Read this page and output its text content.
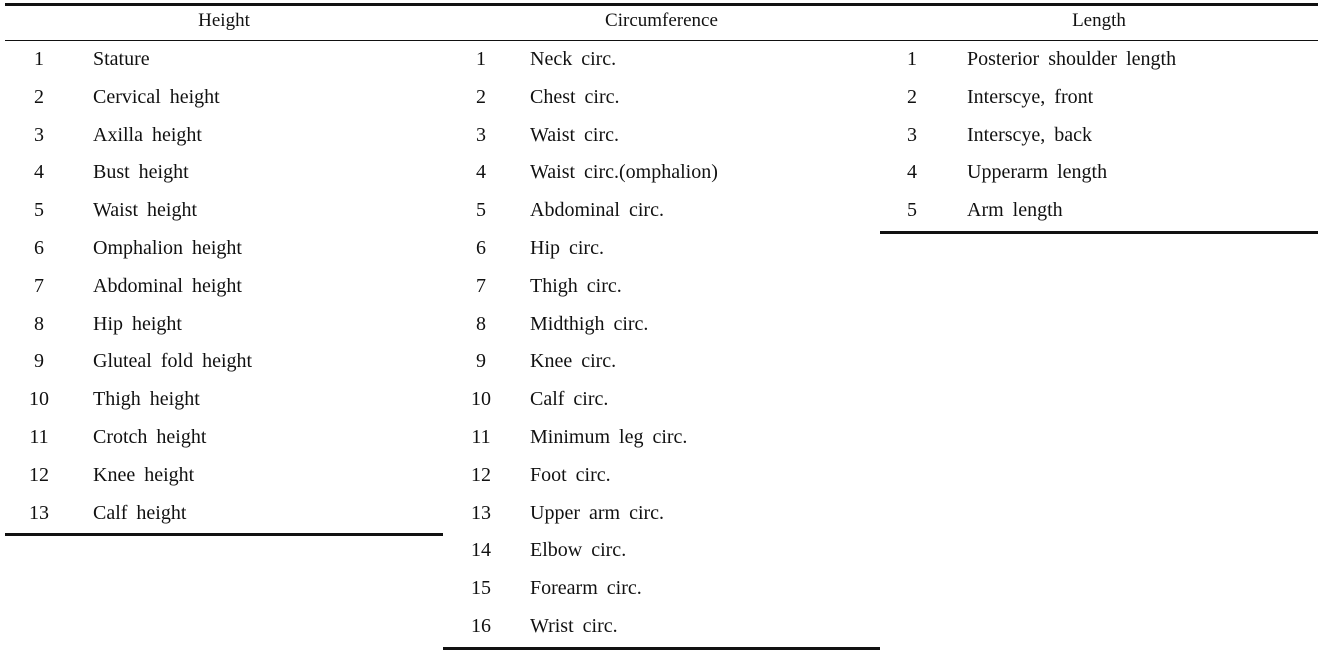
Height
1	Stature
2	Cervical height
3	Axilla height
4	Bust height
5	Waist height
6	Omphalion height
7	Abdominal height
8	Hip height
9	Gluteal fold height
10	Thigh height
11	Crotch height
12	Knee height
13	Calf height
Circumference
1	Neck circ.
2	Chest circ.
3	Waist circ.
4	Waist circ.(omphalion)
5	Abdominal circ.
6	Hip circ.
7	Thigh circ.
8	Midthigh circ.
9	Knee circ.
10	Calf circ.
11	Minimum leg circ.
12	Foot circ.
13	Upper arm circ.
14	Elbow circ.
15	Forearm circ.
16	Wrist circ.
Length
1	Posterior shoulder length
2	Interscye, front
3	Interscye, back
4	Upperarm length
5	Arm length
